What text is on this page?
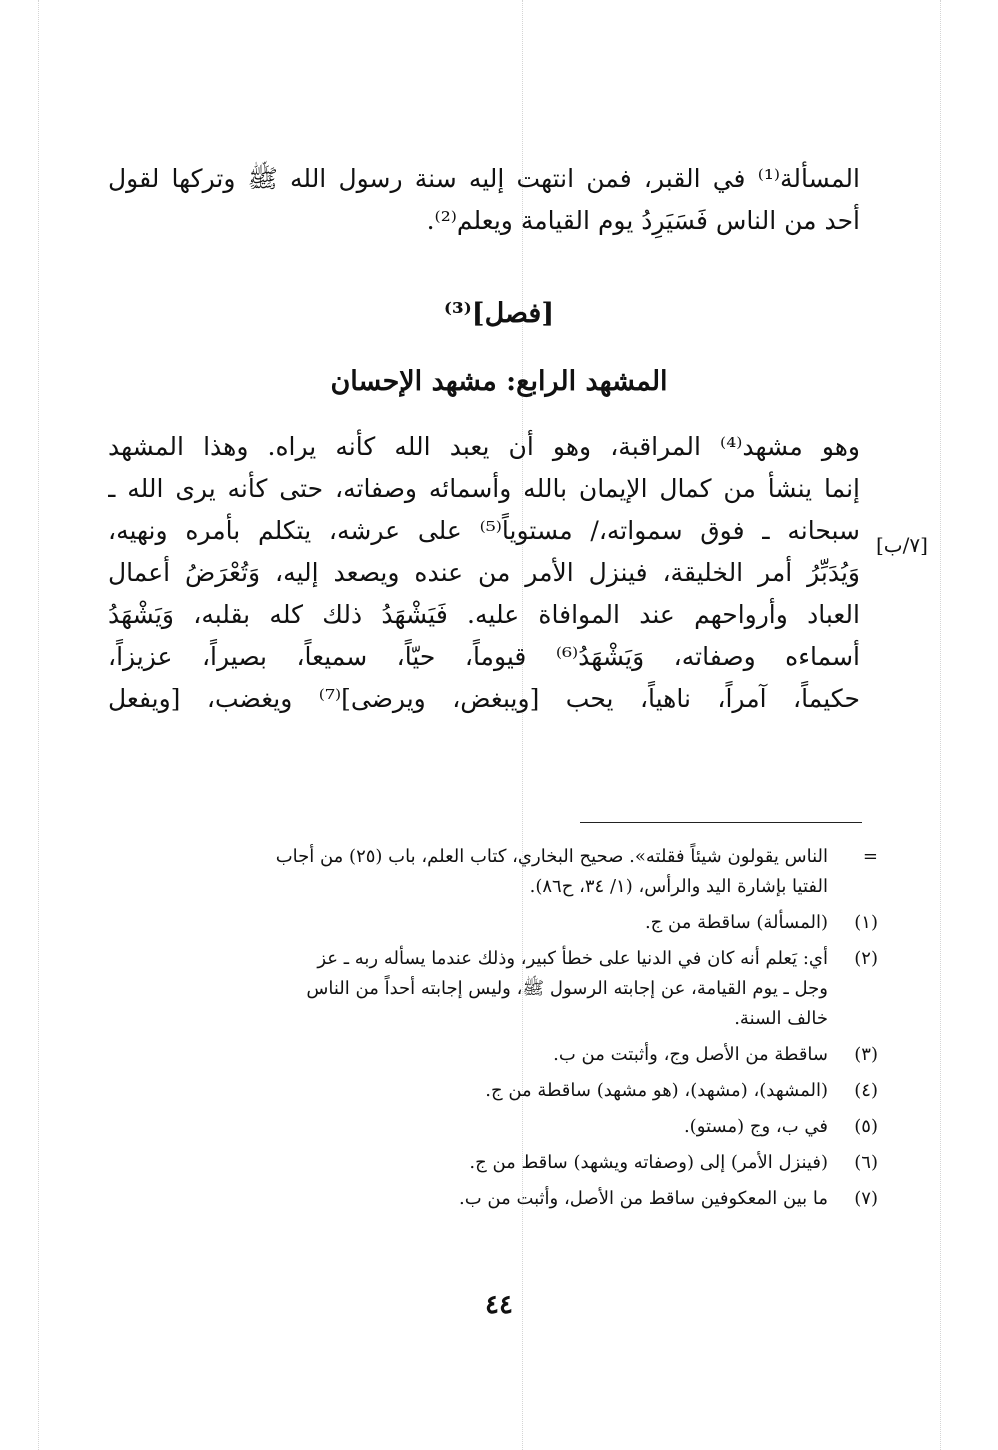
المسألة⁽¹⁾ في القبر، فمن انتهت إليه سنة رسول الله ﷺ وتركها لقول
أحد من الناس فَسَيَرِدُ يوم القيامة ويعلم⁽²⁾.
[فصل]⁽³⁾
المشهد الرابع: مشهد الإحسان
وهو مشهد⁽⁴⁾ المراقبة، وهو أن يعبد الله كأنه يراه. وهذا المشهد
إنما ينشأ من كمال الإيمان بالله وأسمائه وصفاته، حتى كأنه يرى الله ـ
سبحانه ـ فوق سمواته،/ مستوياً⁽⁵⁾ على عرشه، يتكلم بأمره ونهيه،
وَيُدَبِّرُ أمر الخليقة، فينزل الأمر من عنده ويصعد إليه، وَتُعْرَضُ أعمال
العباد وأرواحهم عند الموافاة عليه. فَيَشْهَدُ ذلك كله بقلبه، وَيَشْهَدُ
أسماءه وصفاته، وَيَشْهَدُ⁽⁶⁾ قيوماً، حيّاً، سميعاً، بصيراً، عزيزاً،
حكيماً، آمراً، ناهياً، يحب [ويبغض، ويرضى]⁽⁷⁾ ويغضب، [ويفعل
[٧/ب]
=
الناس يقولون شيئاً فقلته». صحيح البخاري، كتاب العلم، باب (٢٥) من أجاب
الفتيا بإشارة اليد والرأس، (١/ ٣٤، ح٨٦).
(١)
(المسألة) ساقطة من ج.
(٢)
أي: يَعلم أنه كان في الدنيا على خطأ كبير، وذلك عندما يسأله ربه ـ عز
وجل ـ يوم القيامة، عن إجابته الرسول ﷺ، وليس إجابته أحداً من الناس
خالف السنة.
(٣)
ساقطة من الأصل وج، وأثبتت من ب.
(٤)
(المشهد)، (مشهد)، (هو مشهد) ساقطة من ج.
(٥)
في ب، وج (مستو).
(٦)
(فينزل الأمر) إلى (وصفاته ويشهد) ساقط من ج.
(٧)
ما بين المعكوفين ساقط من الأصل، وأثبت من ب.
٤٤
